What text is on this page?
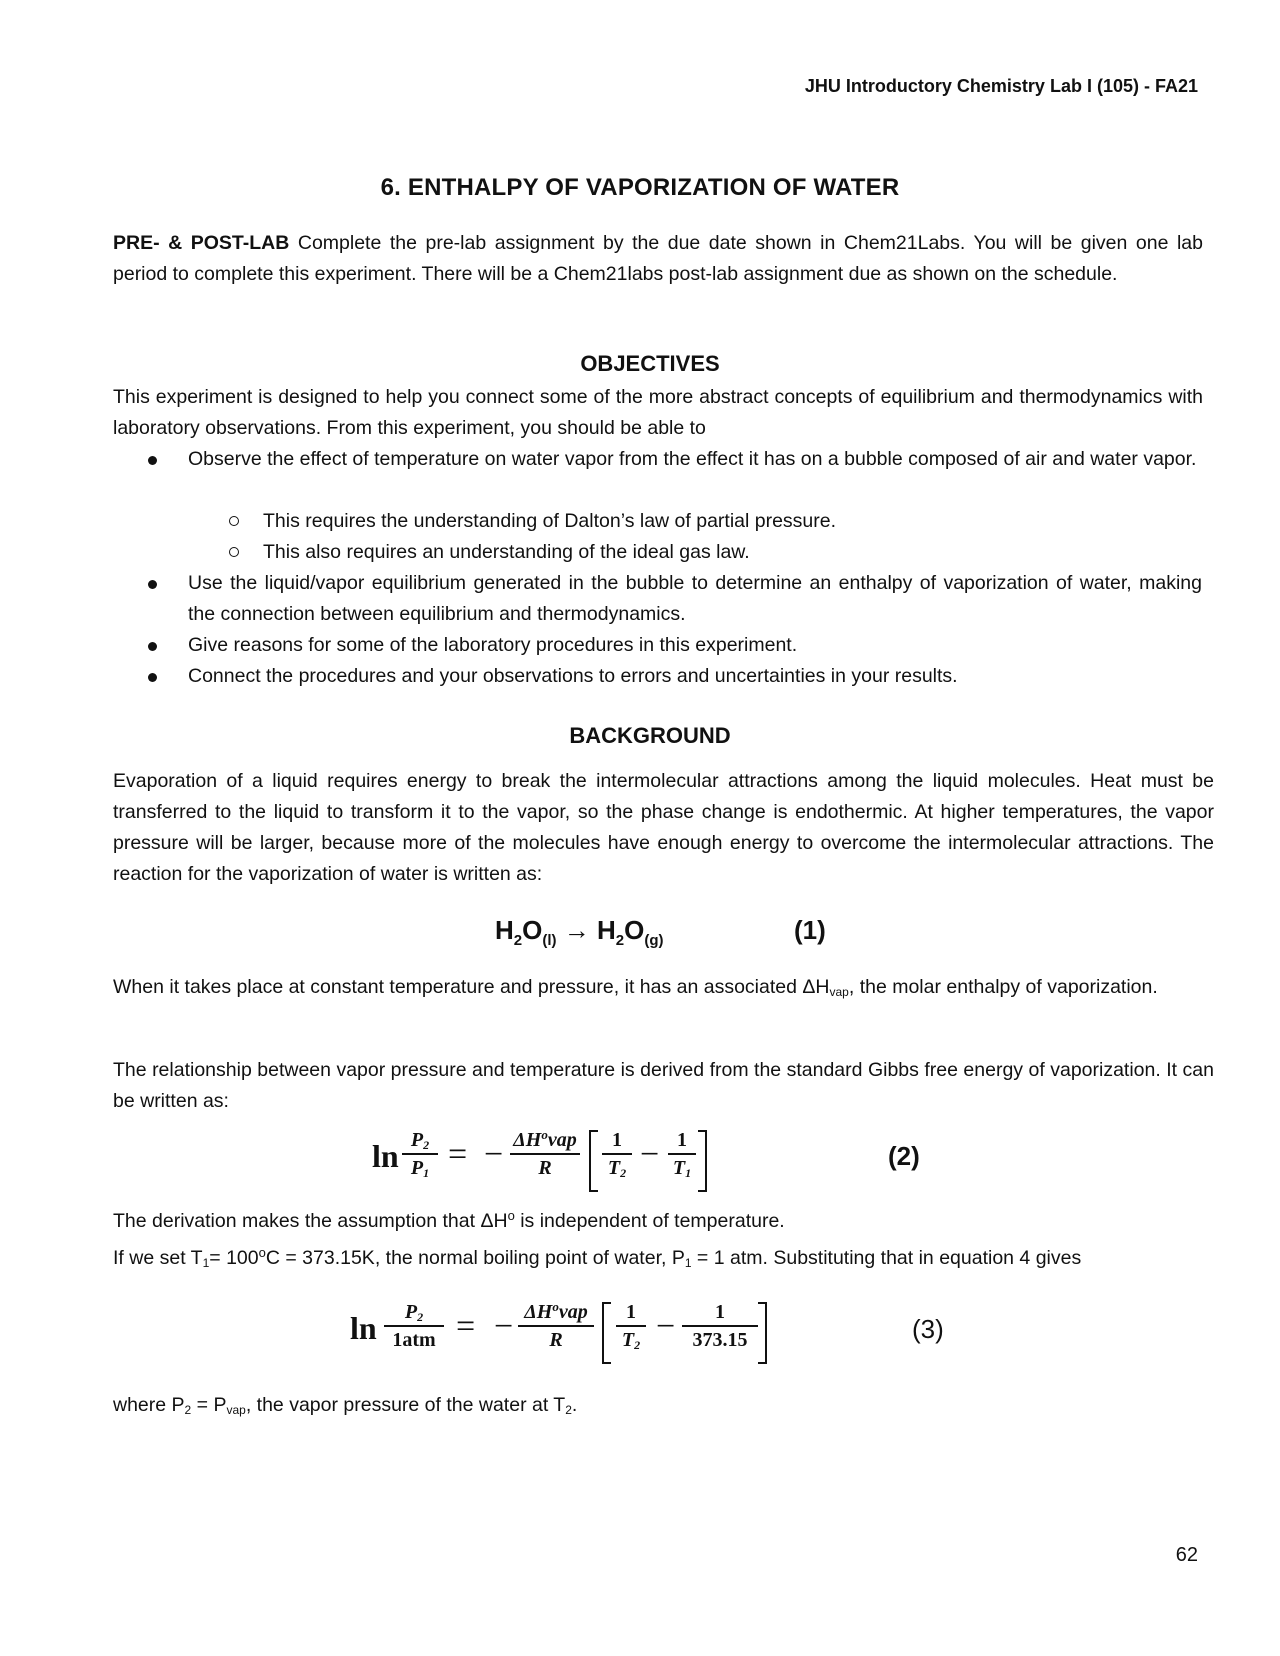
JHU Introductory Chemistry Lab I (105) - FA21
6. ENTHALPY OF VAPORIZATION OF WATER
PRE- & POST-LAB Complete the pre-lab assignment by the due date shown in Chem21Labs. You will be given one lab period to complete this experiment. There will be a Chem21labs post-lab assignment due as shown on the schedule.
OBJECTIVES
This experiment is designed to help you connect some of the more abstract concepts of equilibrium and thermodynamics with laboratory observations. From this experiment, you should be able to
Observe the effect of temperature on water vapor from the effect it has on a bubble composed of air and water vapor.
This requires the understanding of Dalton’s law of partial pressure.
This also requires an understanding of the ideal gas law.
Use the liquid/vapor equilibrium generated in the bubble to determine an enthalpy of vaporization of water, making the connection between equilibrium and thermodynamics.
Give reasons for some of the laboratory procedures in this experiment.
Connect the procedures and your observations to errors and uncertainties in your results.
BACKGROUND
Evaporation of a liquid requires energy to break the intermolecular attractions among the liquid molecules. Heat must be transferred to the liquid to transform it to the vapor, so the phase change is endothermic. At higher temperatures, the vapor pressure will be larger, because more of the molecules have enough energy to overcome the intermolecular attractions. The reaction for the vaporization of water is written as:
$H_2O_{(l)} \to H_2O_{(g)}$	(1)
When it takes place at constant temperature and pressure, it has an associated $\Delta H_{vap}$, the molar enthalpy of vaporization.
The relationship between vapor pressure and temperature is derived from the standard Gibbs free energy of vaporization. It can be written as:
$\ln P_2$
$P_1$ = − $\Delta H^ovap$
R
1
$T_2 - 1$
$T_1$
(2)
The derivation makes the assumption that $\Delta H^o$ is independent of temperature.
If we set $T_1= 100^oC = 373.15K$, the normal boiling point of water, $P_1 = 1$ atm. Substituting that in equation 4 gives
ln	$P_2$
1atm = − $\Delta H^ovap$
R
1
$T_2$ −	1
373.15	(3)
where $P_2 = P_{vap}$, the vapor pressure of the water at $T_2$.
62
